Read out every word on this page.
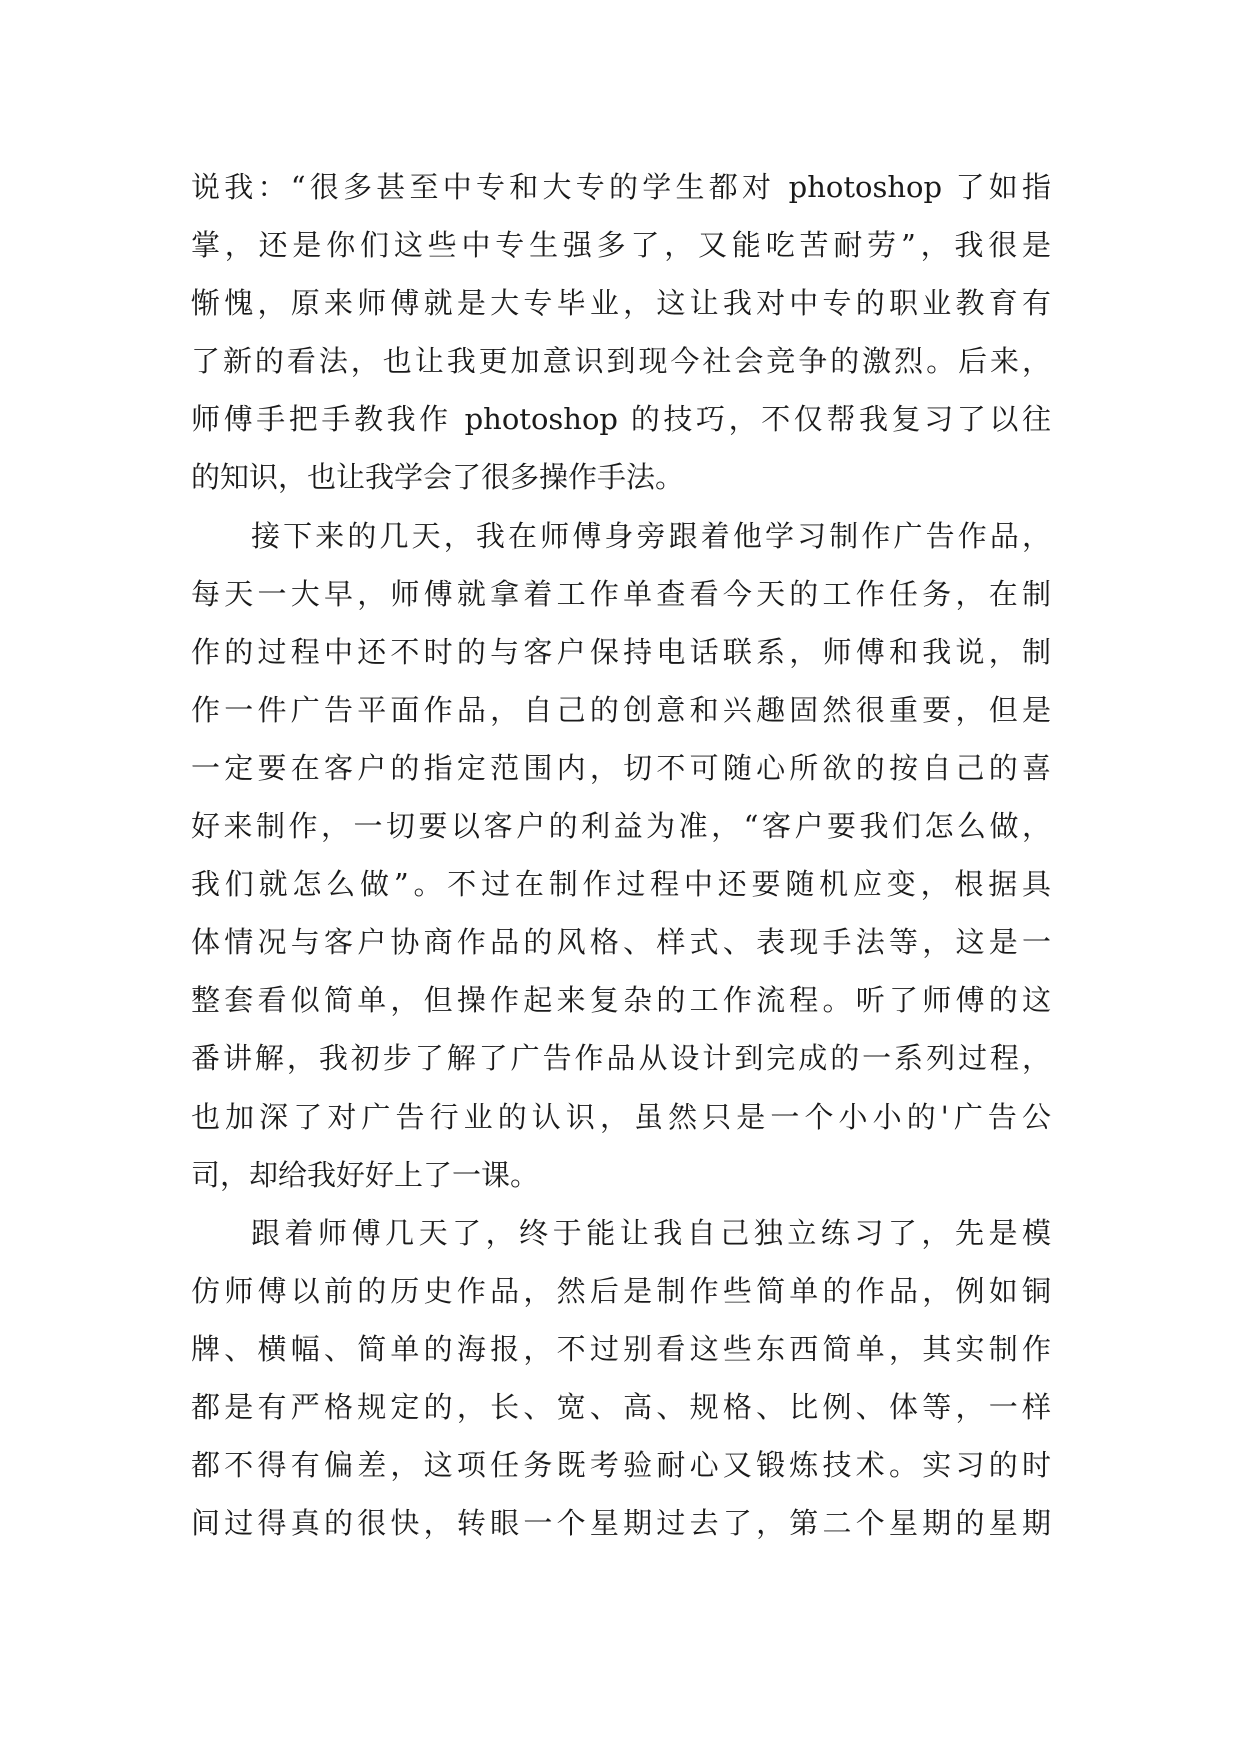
说我：“很多甚至中专和大专的学生都对 photoshop 了如指
掌，还是你们这些中专生强多了，又能吃苦耐劳”，我很是
惭愧，原来师傅就是大专毕业，这让我对中专的职业教育有
了新的看法，也让我更加意识到现今社会竞争的激烈。后来，
师傅手把手教我作 photoshop 的技巧，不仅帮我复习了以往
的知识，也让我学会了很多操作手法。
接下来的几天，我在师傅身旁跟着他学习制作广告作品，
每天一大早，师傅就拿着工作单查看今天的工作任务，在制
作的过程中还不时的与客户保持电话联系，师傅和我说，制
作一件广告平面作品，自己的创意和兴趣固然很重要，但是
一定要在客户的指定范围内，切不可随心所欲的按自己的喜
好来制作，一切要以客户的利益为准，“客户要我们怎么做，
我们就怎么做”。不过在制作过程中还要随机应变，根据具
体情况与客户协商作品的风格、样式、表现手法等，这是一
整套看似简单，但操作起来复杂的工作流程。听了师傅的这
番讲解，我初步了解了广告作品从设计到完成的一系列过程，
也加深了对广告行业的认识，虽然只是一个小小的'广告公
司，却给我好好上了一课。
跟着师傅几天了，终于能让我自己独立练习了，先是模
仿师傅以前的历史作品，然后是制作些简单的作品，例如铜
牌、横幅、简单的海报，不过别看这些东西简单，其实制作
都是有严格规定的，长、宽、高、规格、比例、体等，一样
都不得有偏差，这项任务既考验耐心又锻炼技术。实习的时
间过得真的很快，转眼一个星期过去了，第二个星期的星期
